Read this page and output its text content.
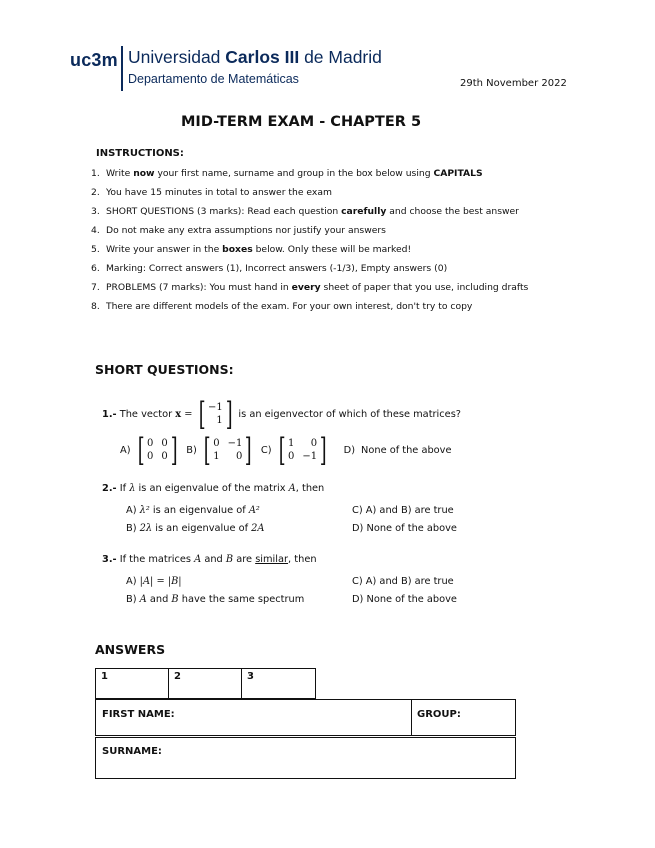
uc3m Universidad Carlos III de Madrid
Departamento de Matemáticas	29th November 2022
MID-TERM EXAM - CHAPTER 5
INSTRUCTIONS:
1. Write now your first name, surname and group in the box below using CAPITALS
2. You have 15 minutes in total to answer the exam
3. SHORT QUESTIONS (3 marks): Read each question carefully and choose the best answer
4. Do not make any extra assumptions nor justify your answers
5. Write your answer in the boxes below. Only these will be marked!
6. Marking: Correct answers (1), Incorrect answers (-1/3), Empty answers (0)
7. PROBLEMS (7 marks): You must hand in every sheet of paper that you use, including drafts
8. There are different models of the exam. For your own interest, don't try to copy
SHORT QUESTIONS:
1.- The vector x = [ −1
1 ] is an eigenvector of which of these matrices?
A) [ 0 0
0 0 ] B) [ 0 −1
1	0 ] C) [ 1	0
0 −1 ] D) None of the above
2.- If λ is an eigenvalue of the matrix A, then
A) λ² is an eigenvalue of A²
B) 2λ is an eigenvalue of 2A
C) A) and B) are true
D) None of the above
3.- If the matrices A and B are similar, then
A) |A| = |B|
B) A and B have the same spectrum
C) A) and B) are true
D) None of the above
ANSWERS
1	2	3
FIRST NAME:	GROUP:
SURNAME:
